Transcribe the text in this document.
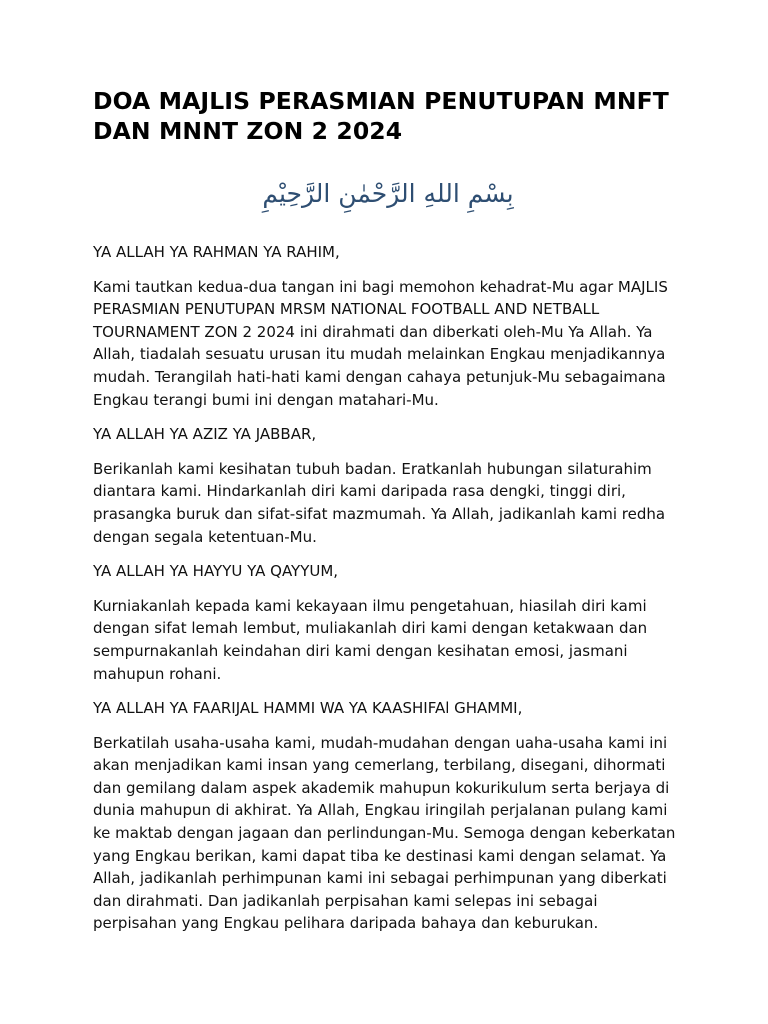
DOA MAJLIS PERASMIAN PENUTUPAN MNFT DAN MNNT ZON 2 2024
بِسْمِ اللهِ الرَّحْمٰنِ الرَّحِيْمِ

YA ALLAH YA RAHMAN YA RAHIM,

Kami tautkan kedua-dua tangan ini bagi memohon kehadrat-Mu agar MAJLIS PERASMIAN PENUTUPAN MRSM NATIONAL FOOTBALL AND NETBALL TOURNAMENT ZON 2 2024 ini dirahmati dan diberkati oleh-Mu Ya Allah. Ya Allah, tiadalah sesuatu urusan itu mudah melainkan Engkau menjadikannya mudah. Terangilah hati-hati kami dengan cahaya petunjuk-Mu sebagaimana Engkau terangi bumi ini dengan matahari-Mu.

YA ALLAH YA AZIZ YA JABBAR,

Berikanlah kami kesihatan tubuh badan. Eratkanlah hubungan silaturahim diantara kami. Hindarkanlah diri kami daripada rasa dengki, tinggi diri, prasangka buruk dan sifat-sifat mazmumah. Ya Allah, jadikanlah kami redha dengan segala ketentuan-Mu.

YA ALLAH YA HAYYU YA QAYYUM,

Kurniakanlah kepada kami kekayaan ilmu pengetahuan, hiasilah diri kami dengan sifat lemah lembut, muliakanlah diri kami dengan ketakwaan dan sempurnakanlah keindahan diri kami dengan kesihatan emosi, jasmani mahupun rohani.

YA ALLAH YA FAARIJAL HAMMI WA YA KAASHIFAl GHAMMI,

Berkatilah usaha-usaha kami, mudah-mudahan dengan uaha-usaha kami ini akan menjadikan kami insan yang cemerlang, terbilang, disegani, dihormati dan gemilang dalam aspek akademik mahupun kokurikulum serta berjaya di dunia mahupun di akhirat. Ya Allah, Engkau iringilah perjalanan pulang kami ke maktab dengan jagaan dan perlindungan-Mu. Semoga dengan keberkatan yang Engkau berikan, kami dapat tiba ke destinasi kami dengan selamat. Ya Allah, jadikanlah perhimpunan kami ini sebagai perhimpunan yang diberkati dan dirahmati. Dan jadikanlah perpisahan kami selepas ini sebagai perpisahan yang Engkau pelihara daripada bahaya dan keburukan.
